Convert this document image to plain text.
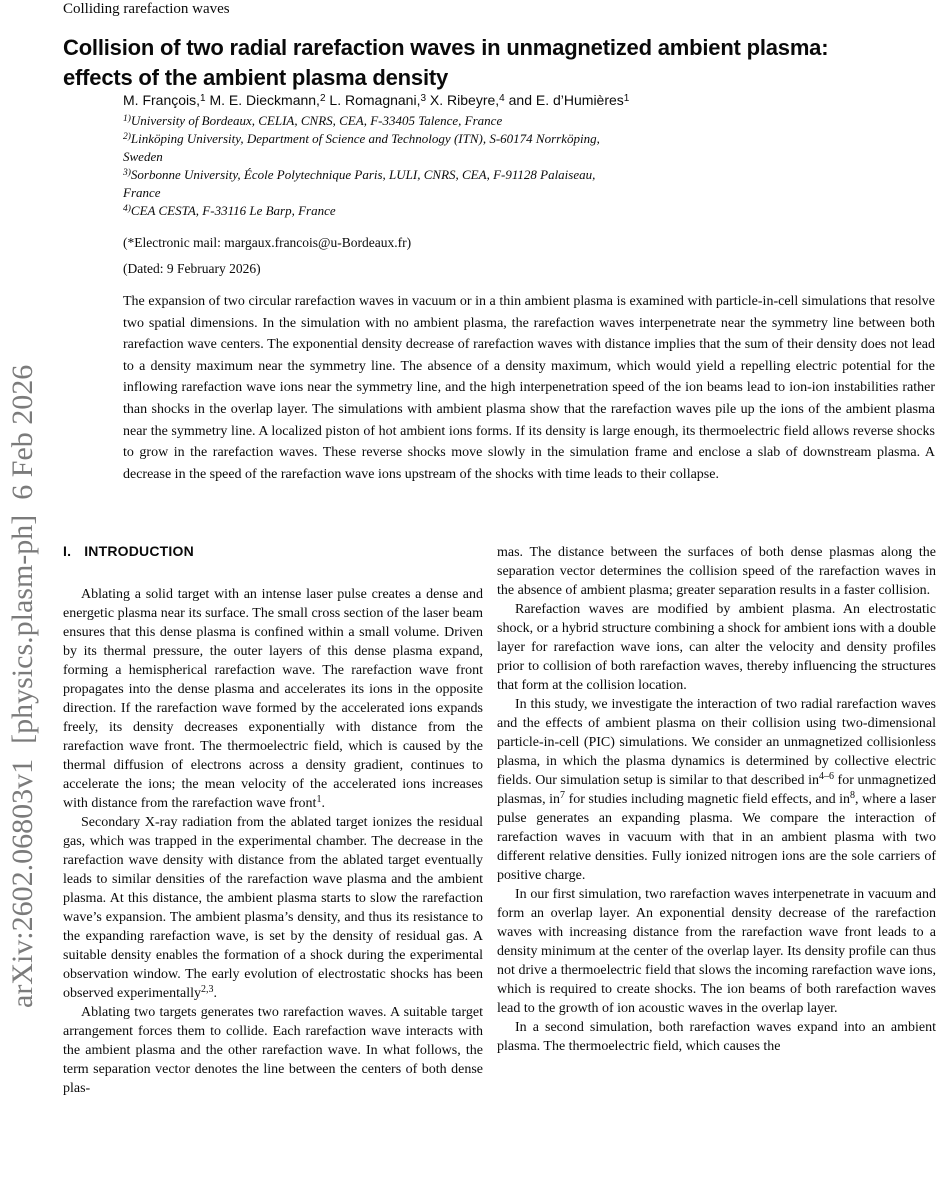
Colliding rarefaction waves
arXiv:2602.06803v1  [physics.plasm-ph]  6 Feb 2026
Collision of two radial rarefaction waves in unmagnetized ambient plasma:
effects of the ambient plasma density
M. François,$^1$ M. E. Dieckmann,$^2$ L. Romagnani,$^3$ X. Ribeyre,$^4$ and E. d’Humières$^1$
$^{1)}$University of Bordeaux, CELIA, CNRS, CEA, F-33405 Talence, France
$^{2)}$Linköping University, Department of Science and Technology (ITN), S-60174 Norrköping,
Sweden
$^{3)}$Sorbonne University, École Polytechnique Paris, LULI, CNRS, CEA, F-91128 Palaiseau,
France
$^{4)}$CEA CESTA, F-33116 Le Barp, France
(*Electronic mail: margaux.francois@u-Bordeaux.fr)
(Dated: 9 February 2026)
The expansion of two circular rarefaction waves in vacuum or in a thin ambient plasma is examined with particle-in-cell simulations that resolve two spatial dimensions. In the simulation with no ambient plasma, the rarefaction waves interpenetrate near the symmetry line between both rarefaction wave centers. The exponential density decrease of rarefaction waves with distance implies that the sum of their density does not lead to a density maximum near the symmetry line. The absence of a density maximum, which would yield a repelling electric potential for the inflowing rarefaction wave ions near the symmetry line, and the high interpenetration speed of the ion beams lead to ion-ion instabilities rather than shocks in the overlap layer. The simulations with ambient plasma show that the rarefaction waves pile up the ions of the ambient plasma near the symmetry line. A localized piston of hot ambient ions forms. If its density is large enough, its thermoelectric field allows reverse shocks to grow in the rarefaction waves. These reverse shocks move slowly in the simulation frame and enclose a slab of downstream plasma. A decrease in the speed of the rarefaction wave ions upstream of the shocks with time leads to their collapse.

I. INTRODUCTION

Ablating a solid target with an intense laser pulse creates a dense and energetic plasma near its surface. The small cross section of the laser beam ensures that this dense plasma is confined within a small volume. Driven by its thermal pressure, the outer layers of this dense plasma expand, forming a hemispherical rarefaction wave. The rarefaction wave front propagates into the dense plasma and accelerates its ions in the opposite direction. If the rarefaction wave formed by the accelerated ions expands freely, its density decreases exponentially with distance from the rarefaction wave front. The thermoelectric field, which is caused by the thermal diffusion of electrons across a density gradient, continues to accelerate the ions; the mean velocity of the accelerated ions increases with distance from the rarefaction wave front$^1$.

Secondary X-ray radiation from the ablated target ionizes the residual gas, which was trapped in the experimental chamber. The decrease in the rarefaction wave density with distance from the ablated target eventually leads to similar densities of the rarefaction wave plasma and the ambient plasma. At this distance, the ambient plasma starts to slow the rarefaction wave’s expansion. The ambient plasma’s density, and thus its resistance to the expanding rarefaction wave, is set by the density of residual gas. A suitable density enables the formation of a shock during the experimental observation window. The early evolution of electrostatic shocks has been observed experimentally$^{2,3}$.

Ablating two targets generates two rarefaction waves. A suitable target arrangement forces them to collide. Each rarefaction wave interacts with the ambient plasma and the other rarefaction wave. In what follows, the term separation vector denotes the line between the centers of both dense plas-

mas. The distance between the surfaces of both dense plasmas along the separation vector determines the collision speed of the rarefaction waves in the absence of ambient plasma; greater separation results in a faster collision.

Rarefaction waves are modified by ambient plasma. An electrostatic shock, or a hybrid structure combining a shock for ambient ions with a double layer for rarefaction wave ions, can alter the velocity and density profiles prior to collision of both rarefaction waves, thereby influencing the structures that form at the collision location.

In this study, we investigate the interaction of two radial rarefaction waves and the effects of ambient plasma on their collision using two-dimensional particle-in-cell (PIC) simulations. We consider an unmagnetized collisionless plasma, in which the plasma dynamics is determined by collective electric fields. Our simulation setup is similar to that described $in^{4-6}$ for unmagnetized plasmas, $in^7$ for studies including magnetic field effects, and $in^8$, where a laser pulse generates an expanding plasma. We compare the interaction of rarefaction waves in vacuum with that in an ambient plasma with two different relative densities. Fully ionized nitrogen ions are the sole carriers of positive charge.

In our first simulation, two rarefaction waves interpenetrate in vacuum and form an overlap layer. An exponential density decrease of the rarefaction waves with increasing distance from the rarefaction wave front leads to a density minimum at the center of the overlap layer. Its density profile can thus not drive a thermoelectric field that slows the incoming rarefaction wave ions, which is required to create shocks. The ion beams of both rarefaction waves lead to the growth of ion acoustic waves in the overlap layer.

In a second simulation, both rarefaction waves expand into an ambient plasma. The thermoelectric field, which causes the
